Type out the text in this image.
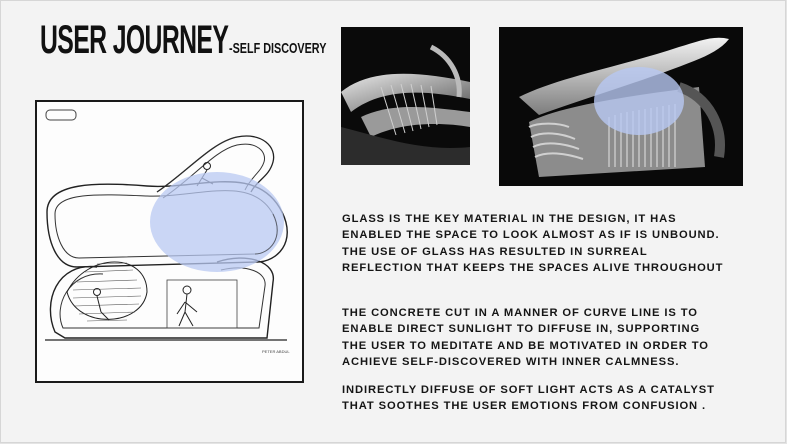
USER JOURNEY -SELF DISCOVERY
PETER ABDUL
GLASS IS THE KEY MATERIAL IN THE DESIGN, IT HAS
ENABLED THE SPACE TO LOOK ALMOST AS IF IS UNBOUND.
THE USE OF GLASS HAS RESULTED IN SURREAL
REFLECTION THAT KEEPS THE SPACES ALIVE THROUGHOUT
THE CONCRETE CUT IN A MANNER OF CURVE LINE IS TO
ENABLE DIRECT SUNLIGHT TO DIFFUSE IN, SUPPORTING
THE USER TO MEDITATE AND BE MOTIVATED IN ORDER TO
ACHIEVE SELF-DISCOVERED WITH INNER CALMNESS.
INDIRECTLY DIFFUSE OF SOFT LIGHT ACTS AS A CATALYST
THAT SOOTHES THE USER EMOTIONS FROM CONFUSION .
